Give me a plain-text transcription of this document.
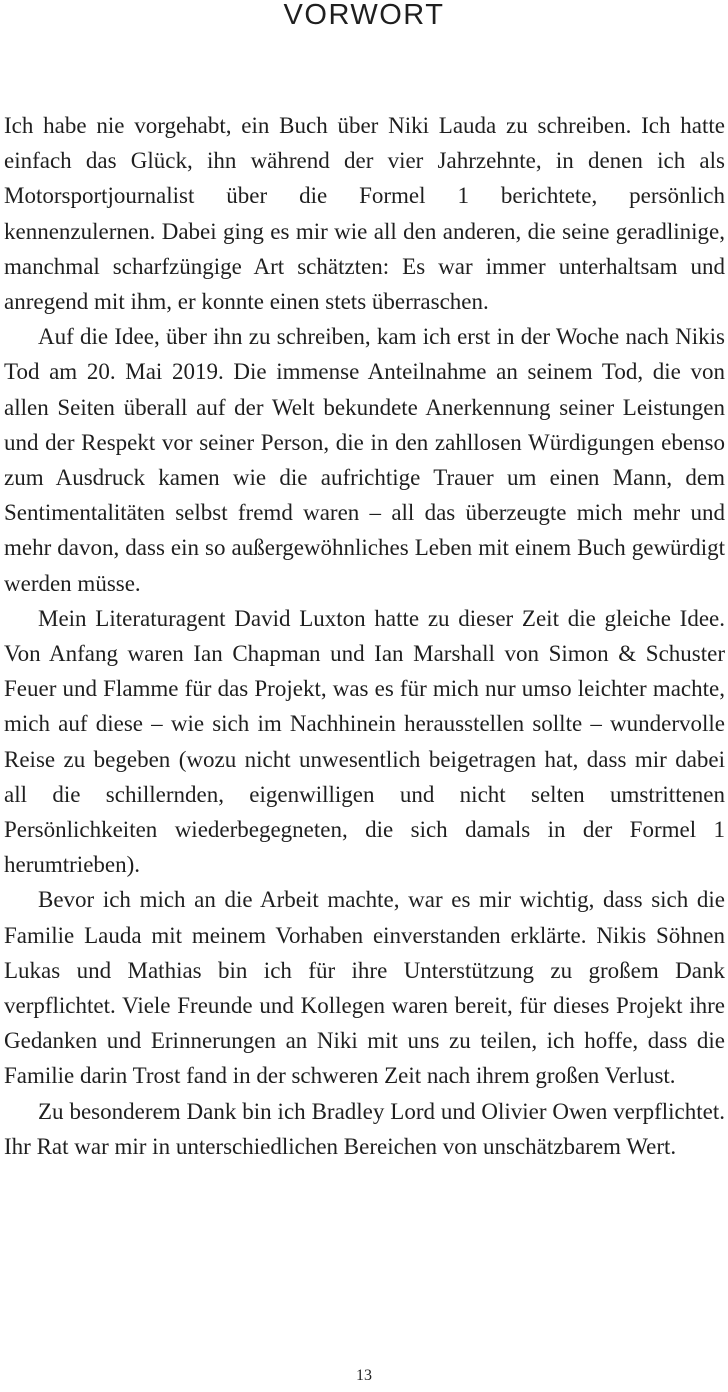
VORWORT

Ich habe nie vorgehabt, ein Buch über Niki Lauda zu schreiben. Ich hatte einfach das Glück, ihn während der vier Jahrzehnte, in denen ich als Motorsportjournalist über die Formel 1 berichtete, persönlich kennenzulernen. Dabei ging es mir wie all den anderen, die seine geradlinige, manchmal scharfzüngige Art schätzten: Es war immer unterhaltsam und anregend mit ihm, er konnte einen stets überraschen.

Auf die Idee, über ihn zu schreiben, kam ich erst in der Woche nach Nikis Tod am 20. Mai 2019. Die immense Anteilnahme an seinem Tod, die von allen Seiten überall auf der Welt bekundete Anerkennung seiner Leistungen und der Respekt vor seiner Person, die in den zahllosen Würdigungen ebenso zum Ausdruck kamen wie die aufrichtige Trauer um einen Mann, dem Sentimentalitäten selbst fremd waren – all das überzeugte mich mehr und mehr davon, dass ein so außergewöhnliches Leben mit einem Buch gewürdigt werden müsse.

Mein Literaturagent David Luxton hatte zu dieser Zeit die gleiche Idee. Von Anfang waren Ian Chapman und Ian Marshall von Simon & Schuster Feuer und Flamme für das Projekt, was es für mich nur umso leichter machte, mich auf diese – wie sich im Nachhinein herausstellen sollte – wundervolle Reise zu begeben (wozu nicht unwesentlich beigetragen hat, dass mir dabei all die schillernden, eigenwilligen und nicht selten umstrittenen Persönlichkeiten wiederbegegneten, die sich damals in der Formel 1 herumtrieben).

Bevor ich mich an die Arbeit machte, war es mir wichtig, dass sich die Familie Lauda mit meinem Vorhaben einverstanden erklärte. Nikis Söhnen Lukas und Mathias bin ich für ihre Unterstützung zu großem Dank verpflichtet. Viele Freunde und Kollegen waren bereit, für dieses Projekt ihre Gedanken und Erinnerungen an Niki mit uns zu teilen, ich hoffe, dass die Familie darin Trost fand in der schweren Zeit nach ihrem großen Verlust.

Zu besonderem Dank bin ich Bradley Lord und Olivier Owen verpflichtet. Ihr Rat war mir in unterschiedlichen Bereichen von unschätzbarem Wert.

13
